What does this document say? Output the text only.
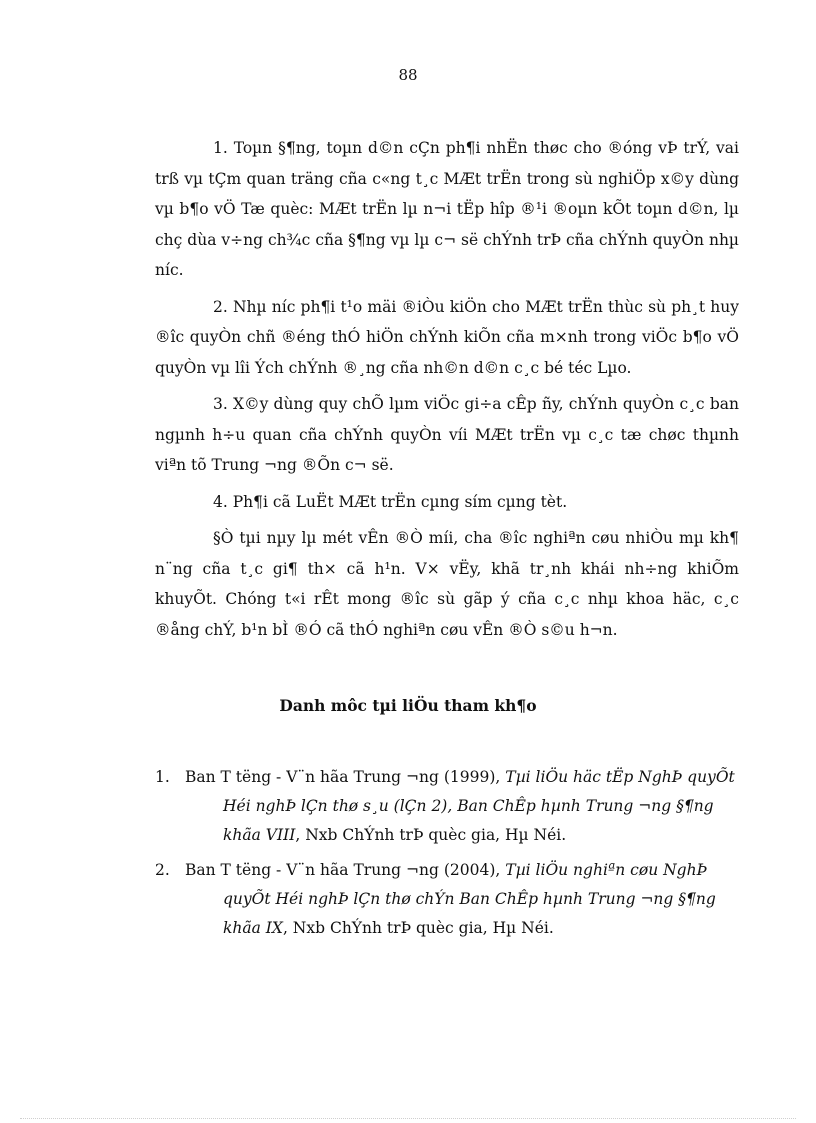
88

1. Toµn §¶ng, toµn d©n cÇn ph¶i nhËn thøc cho ®óng vÞ trÝ, vai trß vµ tÇm quan träng cña c«ng t¸c MÆt trËn trong sù nghiÖp x©y dùng vµ b¶o vÖ Tæ quèc: MÆt trËn lµ n¬i tËp hîp ®¹i ®oµn kÕt toµn d©n, lµ chç dùa v÷ng ch¾c cña §¶ng vµ lµ c¬ së chÝnh trÞ cña chÝnh quyÒn nhµ níc.

2. Nhµ níc ph¶i t¹o mäi ®iÒu kiÖn cho MÆt trËn thùc sù ph¸t huy ®îc quyÒn chñ ®éng thÓ hiÖn chÝnh kiÕn cña m×nh trong viÖc b¶o vÖ quyÒn vµ lîi Ých chÝnh ®¸ng cña nh©n d©n c¸c bé téc Lµo.

3. X©y dùng quy chÕ lµm viÖc gi÷a cÊp ñy, chÝnh quyÒn c¸c ban ngµnh h÷u quan cña chÝnh quyÒn víi MÆt trËn vµ c¸c tæ chøc thµnh viªn tõ Trung ¬ng ®Õn c¬ së.

4. Ph¶i cã LuËt MÆt trËn cµng sím cµng tèt.

§Ò tµi nµy lµ mét vÊn ®Ò míi, cha ®îc nghiªn cøu nhiÒu mµ kh¶ n¨ng cña t¸c gi¶ th× cã h¹n. V× vËy, khã tr¸nh khái nh÷ng khiÕm khuyÕt. Chóng t«i rÊt mong ®îc sù gãp ý cña c¸c nhµ khoa häc, c¸c ®ång chÝ, b¹n bÌ ®Ó cã thÓ nghiªn cøu vÊn ®Ò s©u h¬n.

Danh môc tµi liÖu tham kh¶o
1. Ban T tëng - V¨n hãa Trung ¬ng (1999), Tµi liÖu häc tËp NghÞ quyÕt Héi nghÞ lÇn thø s¸u (lÇn 2), Ban ChÊp hµnh Trung ¬ng §¶ng khãa VIII, Nxb ChÝnh trÞ quèc gia, Hµ Néi.
2. Ban T tëng - V¨n hãa Trung ¬ng (2004), Tµi liÖu nghiªn cøu NghÞ quyÕt Héi nghÞ lÇn thø chÝn Ban ChÊp hµnh Trung ¬ng §¶ng khãa IX, Nxb ChÝnh trÞ quèc gia, Hµ Néi.
